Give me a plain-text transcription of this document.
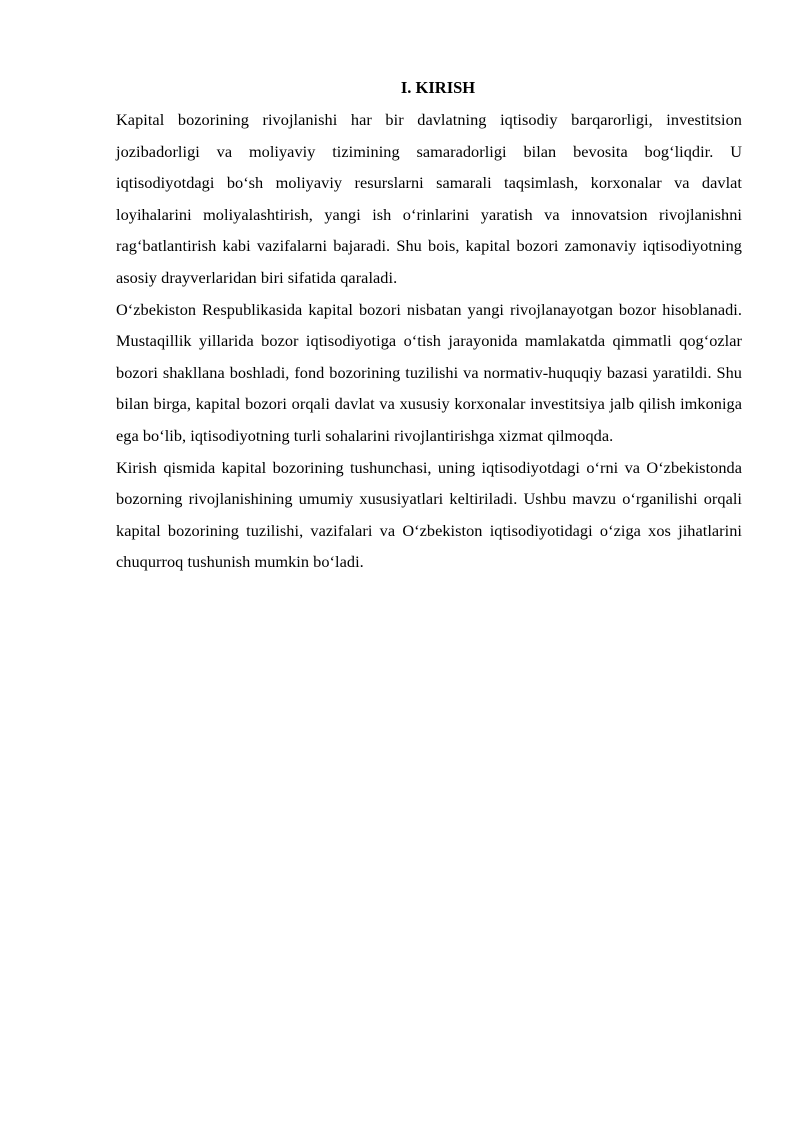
I. KIRISH

Kapital bozorining rivojlanishi har bir davlatning iqtisodiy barqarorligi, investitsion jozibadorligi va moliyaviy tizimining samaradorligi bilan bevosita bog‘liqdir. U iqtisodiyotdagi bo‘sh moliyaviy resurslarni samarali taqsimlash, korxonalar va davlat loyihalarini moliyalashtirish, yangi ish o‘rinlarini yaratish va innovatsion rivojlanishni rag‘batlantirish kabi vazifalarni bajaradi. Shu bois, kapital bozori zamonaviy iqtisodiyotning asosiy drayverlaridan biri sifatida qaraladi.

O‘zbekiston Respublikasida kapital bozori nisbatan yangi rivojlanayotgan bozor hisoblanadi. Mustaqillik yillarida bozor iqtisodiyotiga o‘tish jarayonida mamlakatda qimmatli qog‘ozlar bozori shakllana boshladi, fond bozorining tuzilishi va normativ-huquqiy bazasi yaratildi. Shu bilan birga, kapital bozori orqali davlat va xususiy korxonalar investitsiya jalb qilish imkoniga ega bo‘lib, iqtisodiyotning turli sohalarini rivojlantirishga xizmat qilmoqda.

Kirish qismida kapital bozorining tushunchasi, uning iqtisodiyotdagi o‘rni va O‘zbekistonda bozorning rivojlanishining umumiy xususiyatlari keltiriladi. Ushbu mavzu o‘rganilishi orqali kapital bozorining tuzilishi, vazifalari va O‘zbekiston iqtisodiyotidagi o‘ziga xos jihatlarini chuqurroq tushunish mumkin bo‘ladi.
